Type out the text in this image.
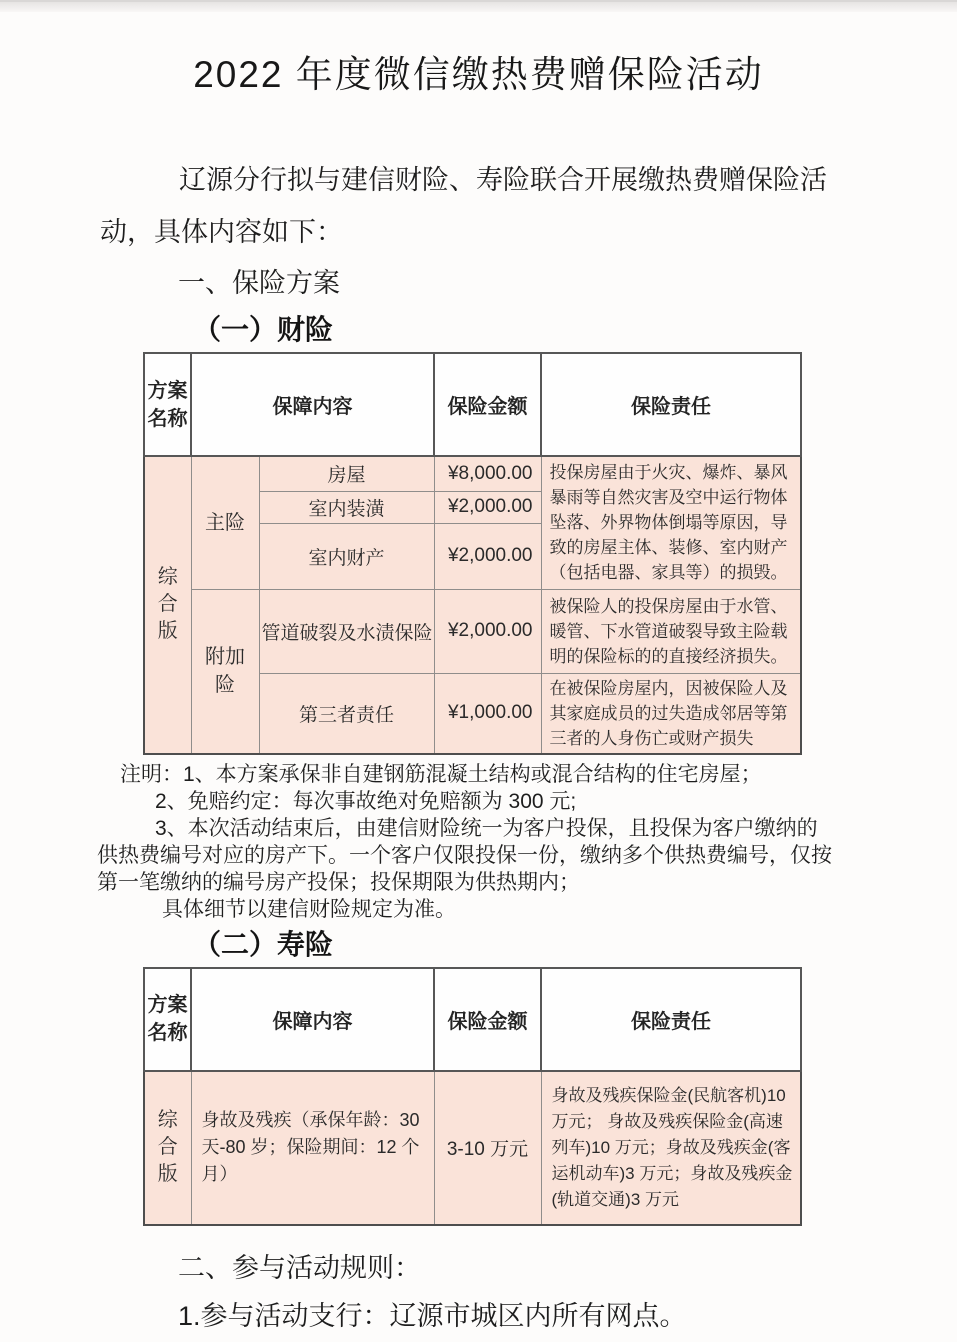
2022 年度微信缴热费赠保险活动
辽源分行拟与建信财险、寿险联合开展缴热费赠保险活
动，具体内容如下：
一、保险方案
（一）财险
方案名称	保障内容		保险金额	保险责任
综合版	主险	房屋	¥8,000.00	投保房屋由于火灾、爆炸、暴风暴雨等自然灾害及空中运行物体坠落、外界物体倒塌等原因，导致的房屋主体、装修、室内财产（包括电器、家具等）的损毁。
		室内装潢	¥2,000.00	
		室内财产	¥2,000.00	
	附加险	管道破裂及水渍保险	¥2,000.00	被保险人的投保房屋由于水管、暖管、下水管道破裂导致主险载明的保险标的的直接经济损失。
		第三者责任	¥1,000.00	在被保险房屋内，因被保险人及其家庭成员的过失造成邻居等第三者的人身伤亡或财产损失
注明：1、本方案承保非自建钢筋混凝土结构或混合结构的住宅房屋；
2、免赔约定：每次事故绝对免赔额为 300 元;
3、本次活动结束后，由建信财险统一为客户投保，且投保为客户缴纳的
供热费编号对应的房产下。一个客户仅限投保一份，缴纳多个供热费编号，仅按
第一笔缴纳的编号房产投保；投保期限为供热期内；
具体细节以建信财险规定为准。
（二）寿险
方案名称	保障内容	保险金额	保险责任
综合版	身故及残疾（承保年龄：30 天-80 岁；保险期间：12 个月）	3-10 万元	身故及残疾保险金(民航客机)10 万元； 身故及残疾保险金(高速列车)10 万元；身故及残疾金(客运机动车)3 万元；身故及残疾金(轨道交通)3 万元
二、参与活动规则：
1.参与活动支行：辽源市城区内所有网点。
